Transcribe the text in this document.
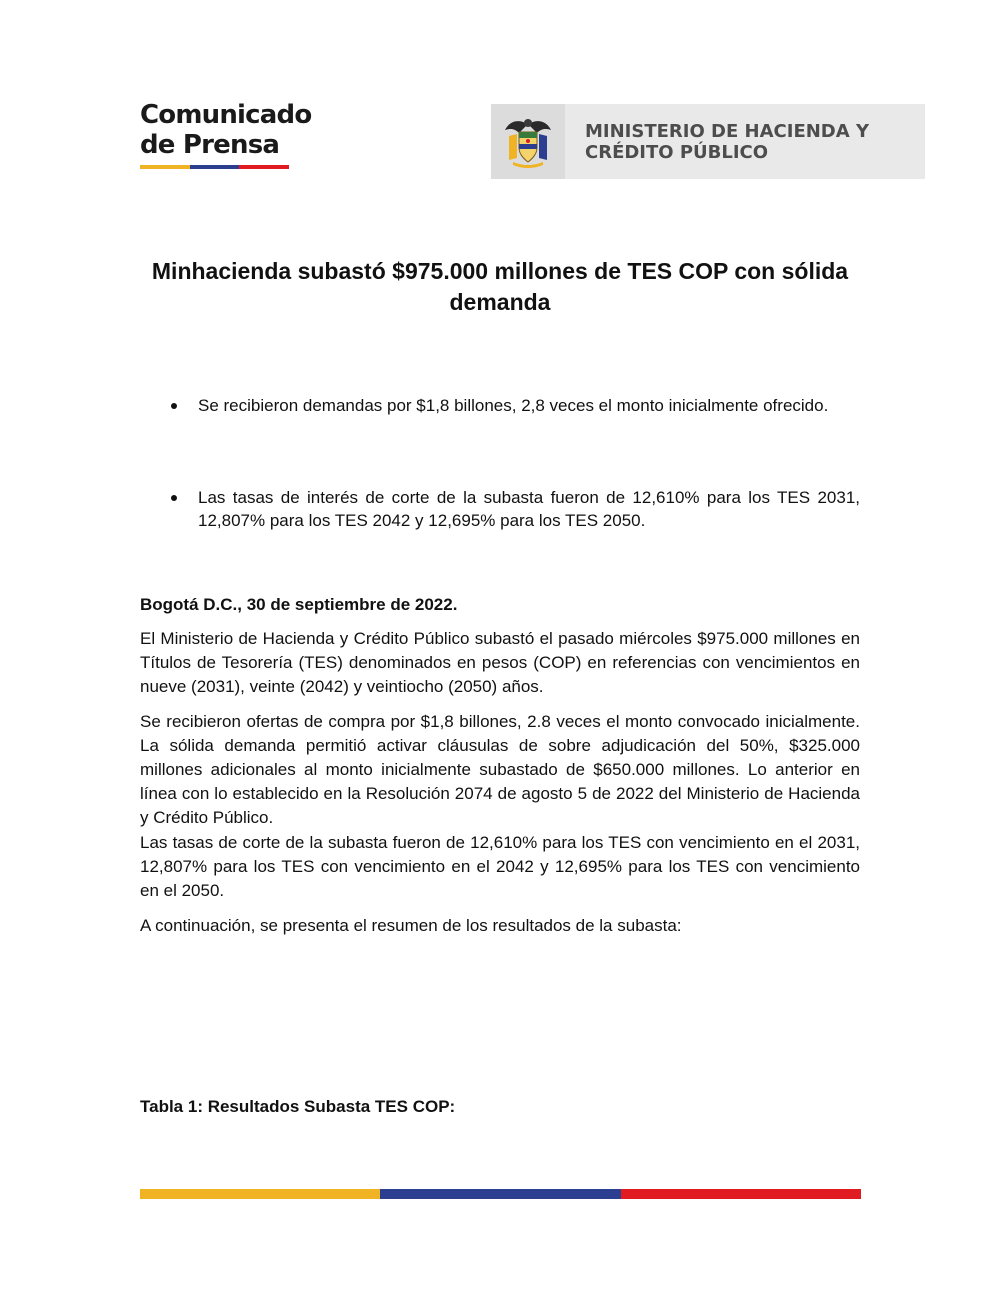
Comunicado
de Prensa	MINISTERIO DE HACIENDA Y
CRÉDITO PÚBLICO
Minhacienda subastó $975.000 millones de TES COP con sólida demanda
Se recibieron demandas por $1,8 billones, 2,8 veces el monto inicialmente ofrecido.
Las tasas de interés de corte de la subasta fueron de 12,610% para los TES 2031, 12,807% para los TES 2042 y 12,695% para los TES 2050.

Bogotá D.C., 30 de septiembre de 2022.

El Ministerio de Hacienda y Crédito Público subastó el pasado miércoles $975.000 millones en Títulos de Tesorería (TES) denominados en pesos (COP) en referencias con vencimientos en nueve (2031), veinte (2042) y veintiocho (2050) años.

Se recibieron ofertas de compra por $1,8 billones, 2.8 veces el monto convocado inicialmente. La sólida demanda permitió activar cláusulas de sobre adjudicación del 50%, $325.000 millones adicionales al monto inicialmente subastado de $650.000 millones. Lo anterior en línea con lo establecido en la Resolución 2074 de agosto 5 de 2022 del Ministerio de Hacienda y Crédito Público.

Las tasas de corte de la subasta fueron de 12,610% para los TES con vencimiento en el 2031, 12,807% para los TES con vencimiento en el 2042 y 12,695% para los TES con vencimiento en el 2050.

A continuación, se presenta el resumen de los resultados de la subasta:

Tabla 1: Resultados Subasta TES COP:
